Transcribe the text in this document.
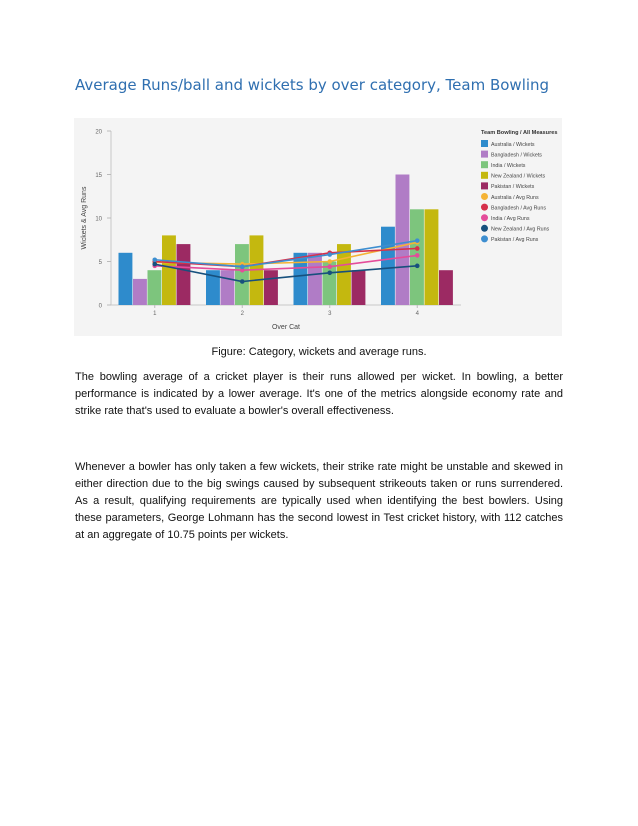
Average Runs/ball and wickets by over category, Team Bowling
0
5
10
15
20
Wickets & Avg Runs
1	2	3	4
Over Cat
Team Bowling / All Measures
Australia / Wickets
Bangladesh / Wickets
India / Wickets
New Zealand / Wickets
Pakistan / Wickets
Australia / Avg Runs
Bangladesh / Avg Runs
India / Avg Runs
New Zealand / Avg Runs
Pakistan / Avg Runs
Figure: Category, wickets and average runs.

The bowling average of a cricket player is their runs allowed per wicket. In bowling, a better performance is indicated by a lower average. It's one of the metrics alongside economy rate and strike rate that's used to evaluate a bowler's overall effectiveness.

Whenever a bowler has only taken a few wickets, their strike rate might be unstable and skewed in either direction due to the big swings caused by subsequent strikeouts taken or runs surrendered. As a result, qualifying requirements are typically used when identifying the best bowlers. Using these parameters, George Lohmann has the second lowest in Test cricket history, with 112 catches at an aggregate of 10.75 points per wickets.
